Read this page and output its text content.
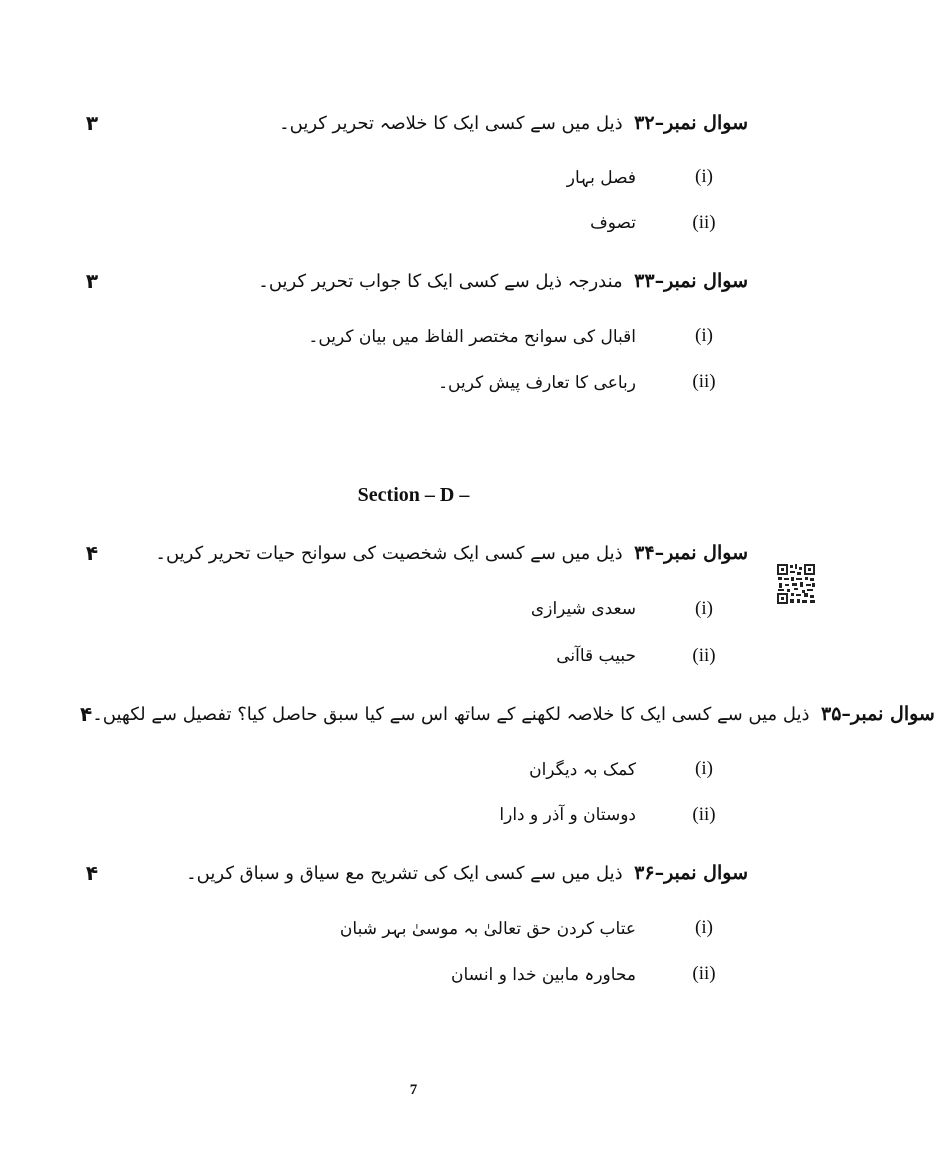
۳	سوال نمبر–۳۲  ذیل میں سے کسی ایک کا خلاصہ تحریر کریں۔
فصل بہار	(i)
تصوف	(ii)
۳	سوال نمبر–۳۳  مندرجہ ذیل سے کسی ایک کا جواب تحریر کریں۔
اقبال کی سوانح مختصر الفاظ میں بیان کریں۔	(i)
رباعی کا تعارف پیش کریں۔	(ii)
Section – D –
۴	سوال نمبر–۳۴  ذیل میں سے کسی ایک شخصیت کی سوانح حیات تحریر کریں۔
سعدی شیرازی	(i)
حبیب قاآنی	(ii)
۴	سوال نمبر–۳۵  ذیل میں سے کسی ایک کا خلاصہ لکھنے کے ساتھ اس سے کیا سبق حاصل کیا؟ تفصیل سے لکھیں۔
کمک بہ دیگران	(i)
دوستان و آذر و دارا	(ii)
۴	سوال نمبر–۳۶  ذیل میں سے کسی ایک کی تشریح مع سیاق و سباق کریں۔
عتاب کردن حق تعالیٰ بہ موسیٰ بہر شبان	(i)
محاورہ مابین خدا و انسان	(ii)
7
